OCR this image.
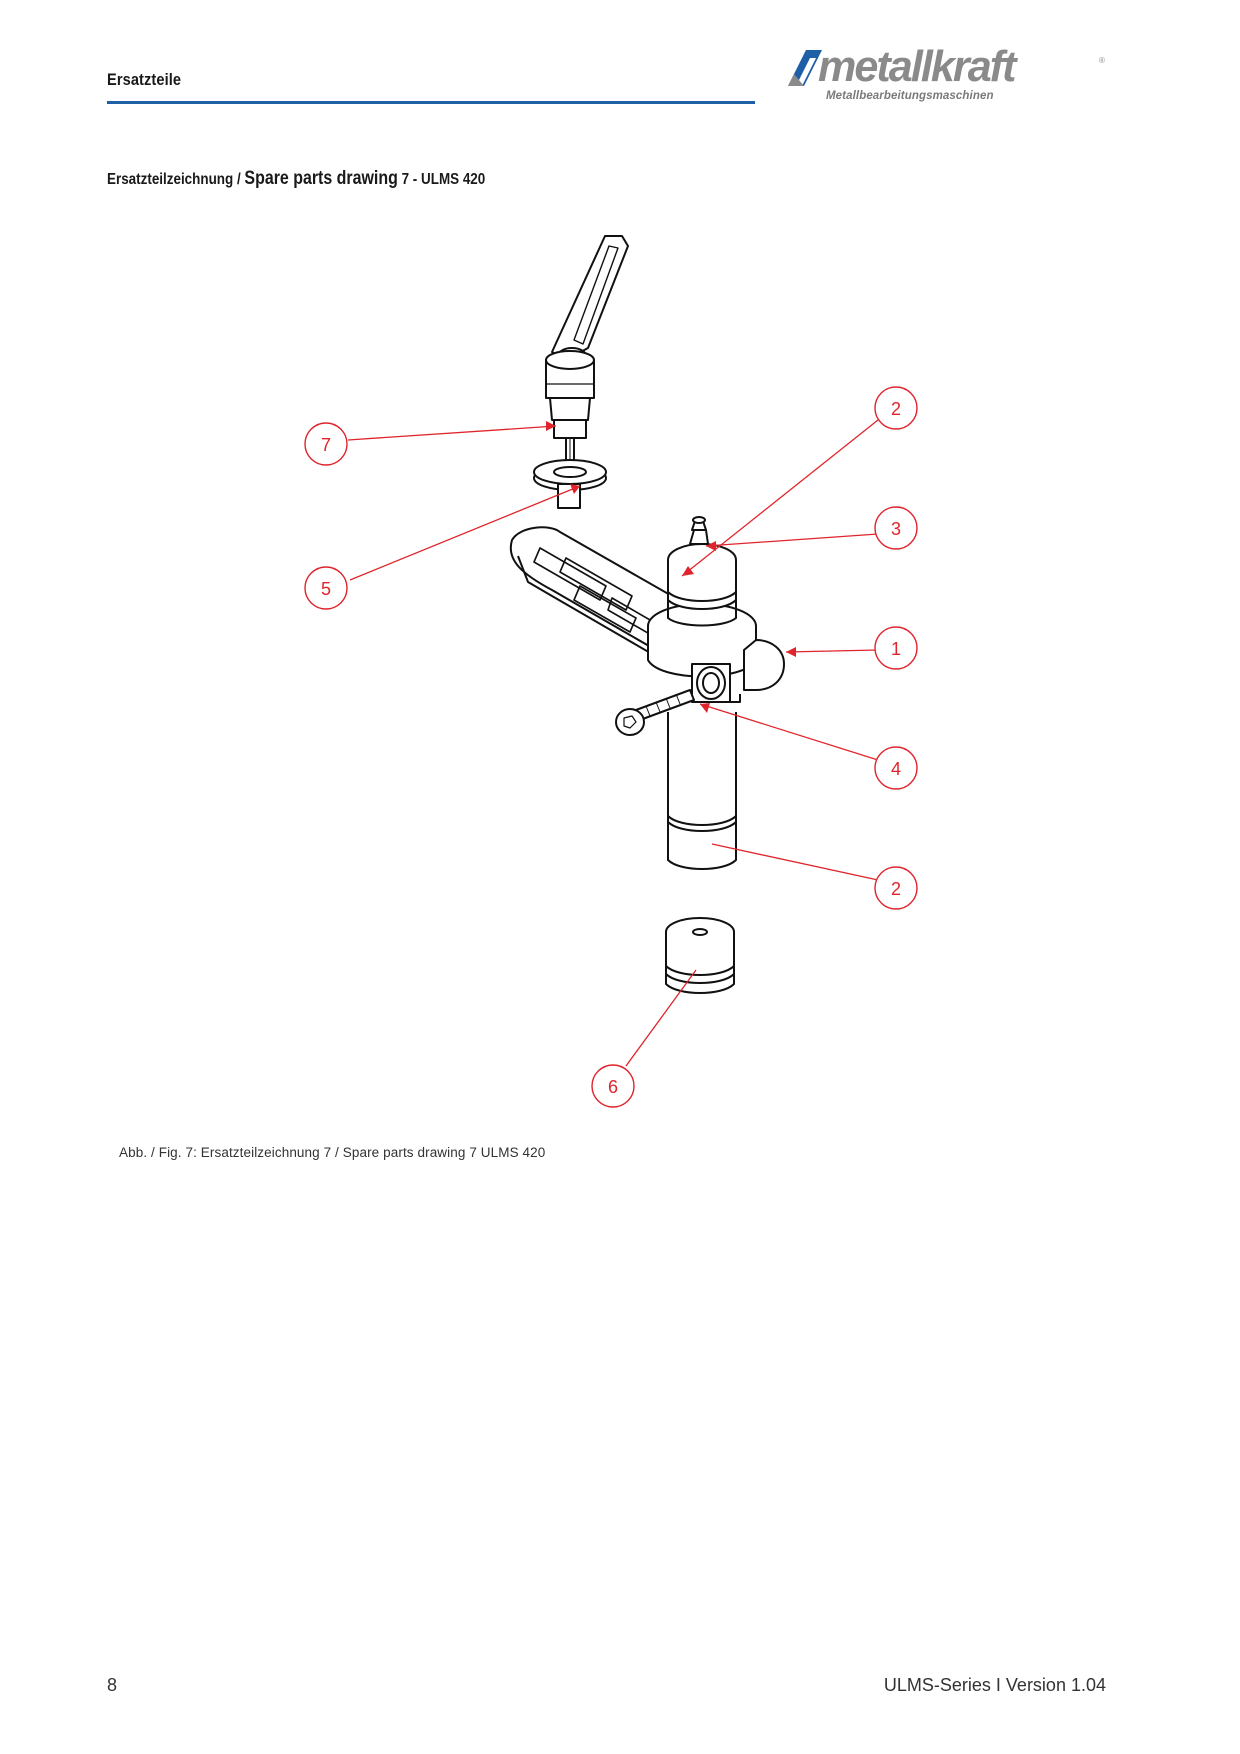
Ersatzteile	metallkraft	®
Metallbearbeitungsmaschinen
Ersatzteilzeichnung / Spare parts drawing 7 - ULMS 420
2
3
1
4
2
7
5
6
Abb. / Fig. 7: Ersatzteilzeichnung 7 / Spare parts drawing 7 ULMS 420
8	ULMS-Series I Version 1.04
